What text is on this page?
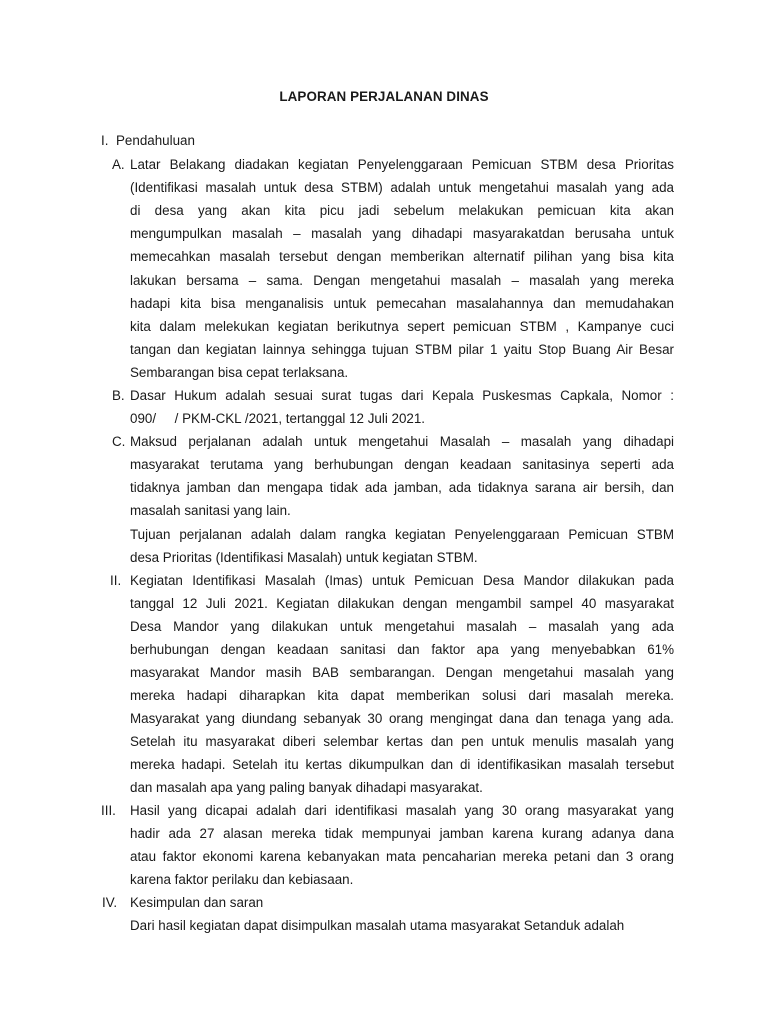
LAPORAN PERJALANAN DINAS
I. Pendahuluan
A. Latar Belakang diadakan kegiatan Penyelenggaraan Pemicuan STBM desa Prioritas
(Identifikasi masalah untuk desa STBM) adalah untuk mengetahui masalah yang ada
di desa yang akan kita picu jadi sebelum melakukan pemicuan kita akan
mengumpulkan masalah – masalah yang dihadapi masyarakatdan berusaha untuk
memecahkan masalah tersebut dengan memberikan alternatif pilihan yang bisa kita
lakukan bersama – sama. Dengan mengetahui masalah – masalah yang mereka
hadapi kita bisa menganalisis untuk pemecahan masalahannya dan memudahakan
kita dalam melekukan kegiatan berikutnya sepert pemicuan STBM , Kampanye cuci
tangan dan kegiatan lainnya sehingga tujuan STBM pilar 1 yaitu Stop Buang Air Besar
Sembarangan bisa cepat terlaksana.
B. Dasar Hukum adalah sesuai surat tugas dari Kepala Puskesmas Capkala, Nomor :
090/     / PKM-CKL /2021, tertanggal 12 Juli 2021.
C. Maksud perjalanan adalah untuk mengetahui Masalah – masalah yang dihadapi
masyarakat terutama yang berhubungan dengan keadaan sanitasinya seperti ada
tidaknya jamban dan mengapa tidak ada jamban, ada tidaknya sarana air bersih, dan
masalah sanitasi yang lain.
Tujuan perjalanan adalah dalam rangka kegiatan Penyelenggaraan Pemicuan STBM
desa Prioritas (Identifikasi Masalah) untuk kegiatan STBM.
II. Kegiatan Identifikasi Masalah (Imas) untuk Pemicuan Desa Mandor dilakukan pada
tanggal 12 Juli 2021. Kegiatan dilakukan dengan mengambil sampel 40 masyarakat
Desa Mandor yang dilakukan untuk mengetahui masalah – masalah yang ada
berhubungan dengan keadaan sanitasi dan faktor apa yang menyebabkan 61%
masyarakat Mandor masih BAB sembarangan. Dengan mengetahui masalah yang
mereka hadapi diharapkan kita dapat memberikan solusi dari masalah mereka.
Masyarakat yang diundang sebanyak 30 orang mengingat dana dan tenaga yang ada.
Setelah itu masyarakat diberi selembar kertas dan pen untuk menulis masalah yang
mereka hadapi. Setelah itu kertas dikumpulkan dan di identifikasikan masalah tersebut
dan masalah apa yang paling banyak dihadapi masyarakat.
III. Hasil yang dicapai adalah dari identifikasi masalah yang 30 orang masyarakat yang
hadir ada 27 alasan mereka tidak mempunyai jamban karena kurang adanya dana
atau faktor ekonomi karena kebanyakan mata pencaharian mereka petani dan 3 orang
karena faktor perilaku dan kebiasaan.
IV. Kesimpulan dan saran
Dari hasil kegiatan dapat disimpulkan masalah utama masyarakat Setanduk adalah
